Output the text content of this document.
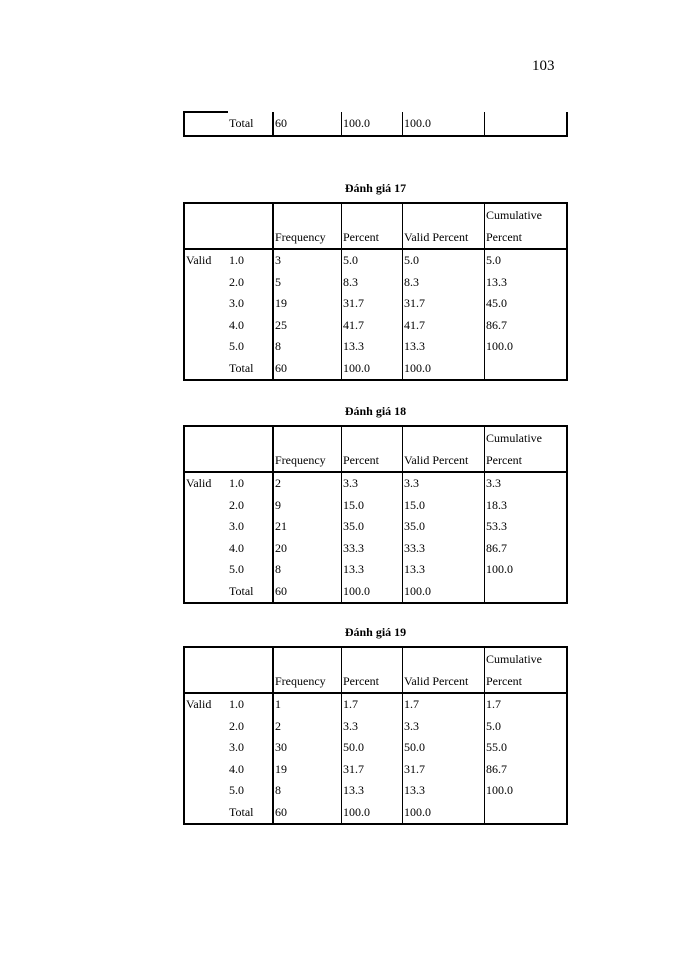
103
	Total	60	100.0	100.0	
Đánh giá 17
					Cumulative
		Frequency	Percent	Valid Percent	Percent
Valid	1.0	3	5.0	5.0	5.0
	2.0	5	8.3	8.3	13.3
	3.0	19	31.7	31.7	45.0
	4.0	25	41.7	41.7	86.7
	5.0	8	13.3	13.3	100.0
	Total	60	100.0	100.0	
Đánh giá 18
					Cumulative
		Frequency	Percent	Valid Percent	Percent
Valid	1.0	2	3.3	3.3	3.3
	2.0	9	15.0	15.0	18.3
	3.0	21	35.0	35.0	53.3
	4.0	20	33.3	33.3	86.7
	5.0	8	13.3	13.3	100.0
	Total	60	100.0	100.0	
Đánh giá 19
					Cumulative
		Frequency	Percent	Valid Percent	Percent
Valid	1.0	1	1.7	1.7	1.7
	2.0	2	3.3	3.3	5.0
	3.0	30	50.0	50.0	55.0
	4.0	19	31.7	31.7	86.7
	5.0	8	13.3	13.3	100.0
	Total	60	100.0	100.0	
